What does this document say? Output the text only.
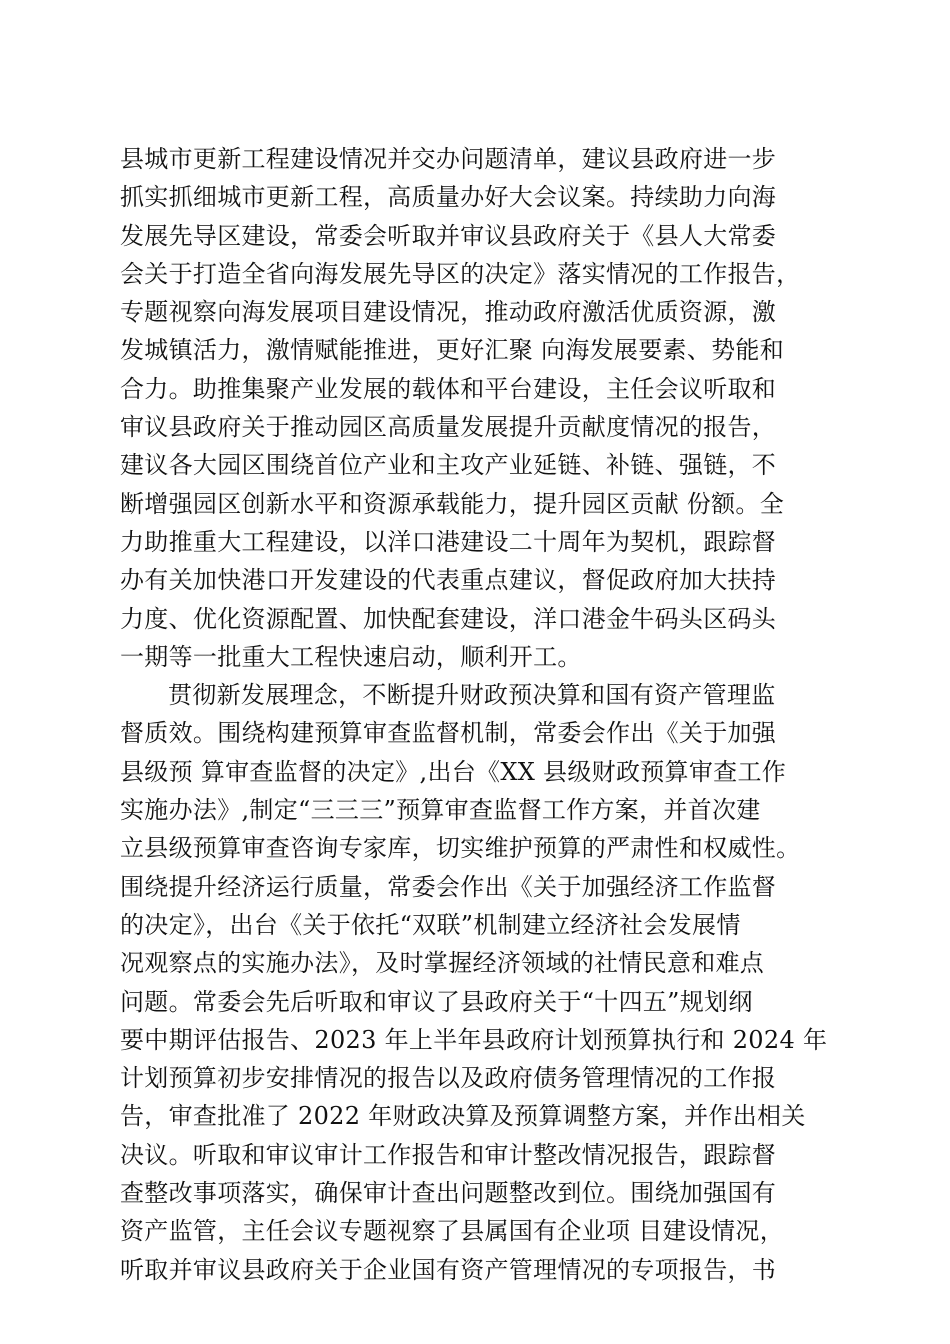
县城市更新工程建设情况并交办问题清单，建议县政府进一步
抓实抓细城市更新工程，高质量办好大会议案。持续助力向海
发展先导区建设，常委会听取并审议县政府关于《县人大常委
会关于打造全省向海发展先导区的决定》落实情况的工作报告，
专题视察向海发展项目建设情况，推动政府激活优质资源，激
发城镇活力，激情赋能推进，更好汇聚 向海发展要素、势能和
合力。助推集聚产业发展的载体和平台建设，主任会议听取和
审议县政府关于推动园区高质量发展提升贡献度情况的报告，
建议各大园区围绕首位产业和主攻产业延链、补链、强链，不
断增强园区创新水平和资源承载能力，提升园区贡献 份额。全
力助推重大工程建设，以洋口港建设二十周年为契机，跟踪督
办有关加快港口开发建设的代表重点建议，督促政府加大扶持
力度、优化资源配置、加快配套建设，洋口港金牛码头区码头
一期等一批重大工程快速启动，顺利开工。
贯彻新发展理念，不断提升财政预决算和国有资产管理监
督质效。围绕构建预算审查监督机制，常委会作出《关于加强
县级预 算审查监督的决定》,出台《XX 县级财政预算审查工作
实施办法》,制定“三三三”预算审查监督工作方案，并首次建
立县级预算审查咨询专家库，切实维护预算的严肃性和权威性。
围绕提升经济运行质量，常委会作出《关于加强经济工作监督
的决定》，出台《关于依托“双联”机制建立经济社会发展情
况观察点的实施办法》，及时掌握经济领域的社情民意和难点
问题。常委会先后听取和审议了县政府关于“十四五”规划纲
要中期评估报告、2023 年上半年县政府计划预算执行和 2024 年
计划预算初步安排情况的报告以及政府债务管理情况的工作报
告，审查批准了 2022 年财政决算及预算调整方案，并作出相关
决议。听取和审议审计工作报告和审计整改情况报告，跟踪督
查整改事项落实，确保审计查出问题整改到位。围绕加强国有
资产监管，主任会议专题视察了县属国有企业项 目建设情况，
听取并审议县政府关于企业国有资产管理情况的专项报告，书
